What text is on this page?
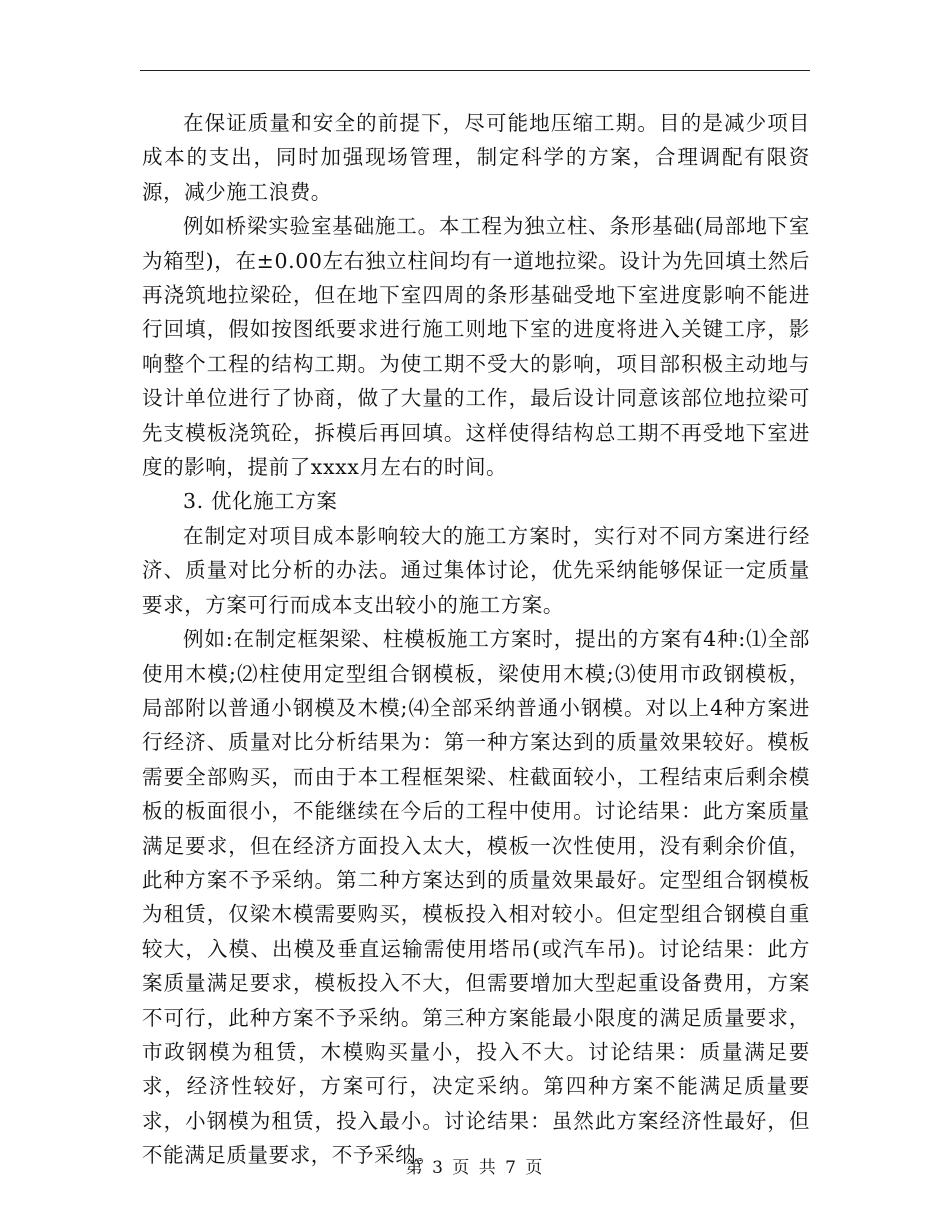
在保证质量和安全的前提下，尽可能地压缩工期。目的是减少项目成本的支出，同时加强现场管理，制定科学的方案，合理调配有限资源，减少施工浪费。

例如桥梁实验室基础施工。本工程为独立柱、条形基础(局部地下室为箱型)，在±0.00左右独立柱间均有一道地拉梁。设计为先回填土然后再浇筑地拉梁砼，但在地下室四周的条形基础受地下室进度影响不能进行回填，假如按图纸要求进行施工则地下室的进度将进入关键工序，影响整个工程的结构工期。为使工期不受大的影响，项目部积极主动地与设计单位进行了协商，做了大量的工作，最后设计同意该部位地拉梁可先支模板浇筑砼，拆模后再回填。这样使得结构总工期不再受地下室进度的影响，提前了xxxx月左右的时间。

3. 优化施工方案

在制定对项目成本影响较大的施工方案时，实行对不同方案进行经济、质量对比分析的办法。通过集体讨论，优先采纳能够保证一定质量要求，方案可行而成本支出较小的施工方案。

例如:在制定框架梁、柱模板施工方案时，提出的方案有4种:⑴全部使用木模;⑵柱使用定型组合钢模板，梁使用木模;⑶使用市政钢模板，局部附以普通小钢模及木模;⑷全部采纳普通小钢模。对以上4种方案进行经济、质量对比分析结果为：第一种方案达到的质量效果较好。模板需要全部购买，而由于本工程框架梁、柱截面较小，工程结束后剩余模板的板面很小，不能继续在今后的工程中使用。讨论结果：此方案质量满足要求，但在经济方面投入太大，模板一次性使用，没有剩余价值，此种方案不予采纳。第二种方案达到的质量效果最好。定型组合钢模板为租赁，仅梁木模需要购买，模板投入相对较小。但定型组合钢模自重较大，入模、出模及垂直运输需使用塔吊(或汽车吊)。讨论结果：此方案质量满足要求，模板投入不大，但需要增加大型起重设备费用，方案不可行，此种方案不予采纳。第三种方案能最小限度的满足质量要求，市政钢模为租赁，木模购买量小，投入不大。讨论结果：质量满足要求，经济性较好，方案可行，决定采纳。第四种方案不能满足质量要求，小钢模为租赁，投入最小。讨论结果：虽然此方案经济性最好，但不能满足质量要求，不予采纳。

第 3 页 共 7 页
